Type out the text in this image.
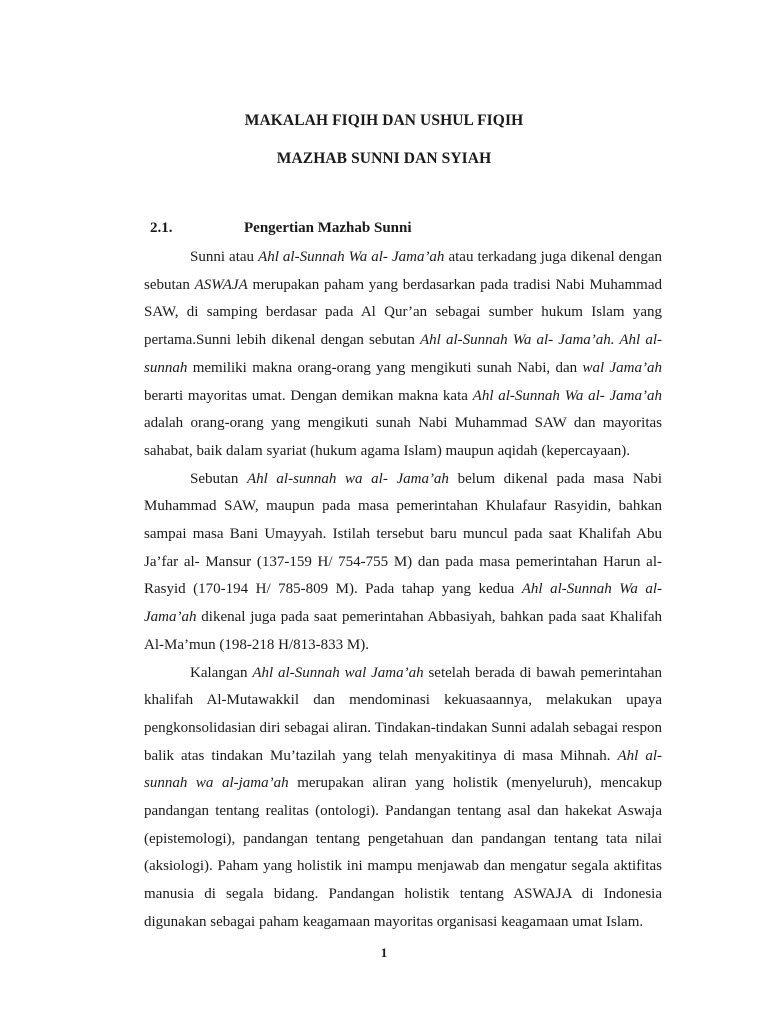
MAKALAH FIQIH DAN USHUL FIQIH
MAZHAB SUNNI DAN SYIAH
2.1.	Pengertian Mazhab Sunni

Sunni atau Ahl al-Sunnah Wa al- Jama’ah atau terkadang juga dikenal dengan sebutan ASWAJA merupakan paham yang berdasarkan pada tradisi Nabi Muhammad SAW, di samping berdasar pada Al Qur’an sebagai sumber hukum Islam yang pertama.Sunni lebih dikenal dengan sebutan Ahl al-Sunnah Wa al- Jama’ah. Ahl al-sunnah memiliki makna orang-orang yang mengikuti sunah Nabi, dan wal Jama’ah berarti mayoritas umat. Dengan demikan makna kata Ahl al-Sunnah Wa al- Jama’ah adalah orang-orang yang mengikuti sunah Nabi Muhammad SAW dan mayoritas sahabat, baik dalam syariat (hukum agama Islam) maupun aqidah (kepercayaan).

Sebutan Ahl al-sunnah wa al- Jama’ah belum dikenal pada masa Nabi Muhammad SAW, maupun pada masa pemerintahan Khulafaur Rasyidin, bahkan sampai masa Bani Umayyah. Istilah tersebut baru muncul pada saat Khalifah Abu Ja’far al- Mansur (137-159 H/ 754-755 M) dan pada masa pemerintahan Harun al-Rasyid (170-194 H/ 785-809 M). Pada tahap yang kedua Ahl al-Sunnah Wa al-Jama’ah dikenal juga pada saat pemerintahan Abbasiyah, bahkan pada saat Khalifah Al-Ma’mun (198-218 H/813-833 M).

Kalangan Ahl al-Sunnah wal Jama’ah setelah berada di bawah pemerintahan khalifah Al-Mutawakkil dan mendominasi kekuasaannya, melakukan upaya pengkonsolidasian diri sebagai aliran. Tindakan-tindakan Sunni adalah sebagai respon balik atas tindakan Mu’tazilah yang telah menyakitinya di masa Mihnah. Ahl al-sunnah wa al-jama’ah merupakan aliran yang holistik (menyeluruh), mencakup pandangan tentang realitas (ontologi). Pandangan tentang asal dan hakekat Aswaja (epistemologi), pandangan tentang pengetahuan dan pandangan tentang tata nilai (aksiologi). Paham yang holistik ini mampu menjawab dan mengatur segala aktifitas manusia di segala bidang. Pandangan holistik tentang ASWAJA di Indonesia digunakan sebagai paham keagamaan mayoritas organisasi keagamaan umat Islam.

1
